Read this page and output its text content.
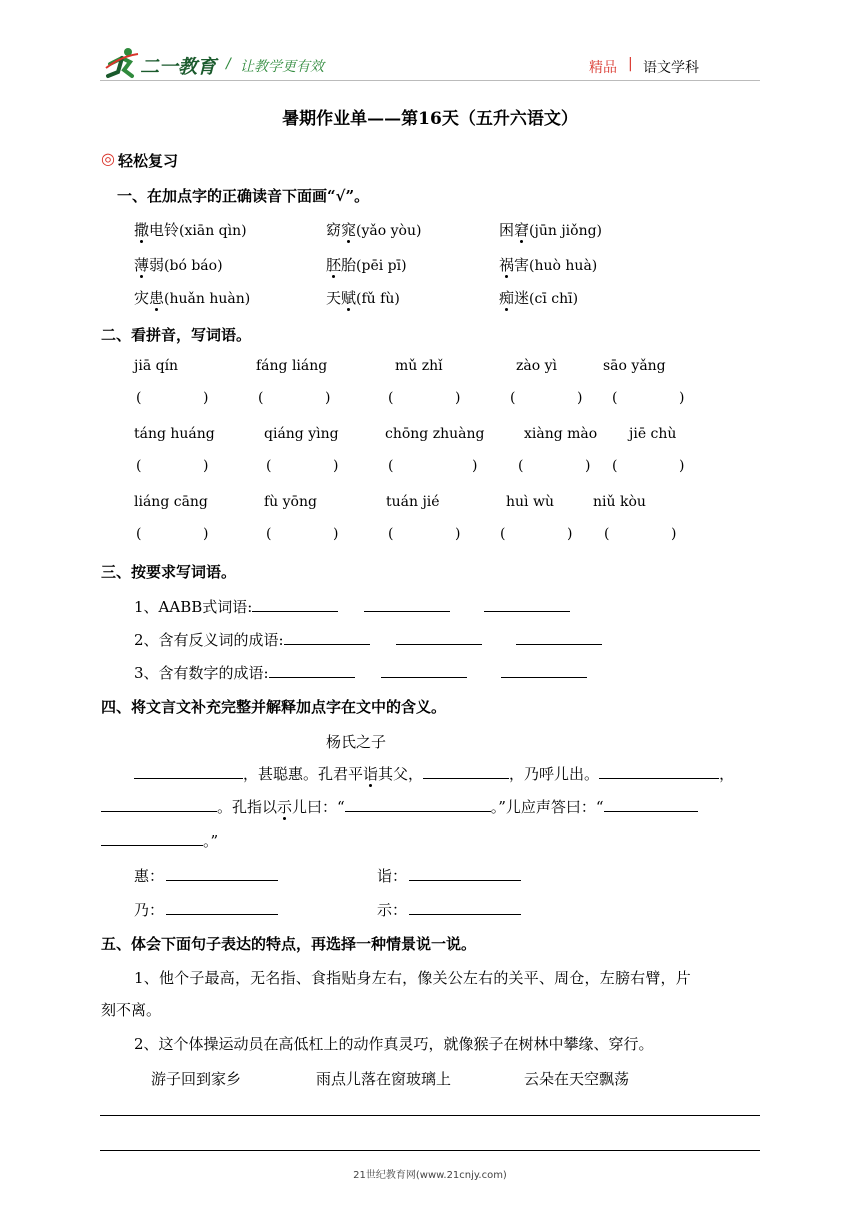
二一教育 / 让教学更有效	精品 | 语文学科
暑期作业单——第16天（五升六语文）
◎ 轻松复习
一、在加点字的正确读音下面画“√”。
撒电铃(xiān qìn)	窈窕(yǎo yòu)	困窘(jūn jiǒng)
薄弱(bó báo)	胚胎(pēi pī)	祸害(huò huà)
灾患(huǎn huàn)	天赋(fǔ fù)	痴迷(cī chī)
二、看拼音，写词语。
jiā qín	fáng liáng	mǔ zhǐ	zào yì	sāo yǎng
(	)	(	)	(	)	(	) (	)
táng huáng	qiáng yìng	chōng zhuàng	xiàng mào jiē chù
(	)	(	)	(	)	(	) (	)
liáng cāng	fù yōng	tuán jié	huì wù	niǔ kòu
(	)	(	)	(	)	(	) (	)
三、按要求写词语。
1、AABB式词语:
2、含有反义词的成语:
3、含有数字的成语:
四、将文言文补充完整并解释加点字在文中的含义。
杨氏之子
，甚聪惠。孔君平诣其父，	，乃呼儿出。	，
。孔指以示儿曰：“	。”儿应声答曰：“
。”
惠：	诣：
乃：	示：
五、体会下面句子表达的特点，再选择一种情景说一说。
1、他个子最高，无名指、食指贴身左右，像关公左右的关平、周仓，左膀右臂，片
刻不离。
2、这个体操运动员在高低杠上的动作真灵巧，就像猴子在树林中攀缘、穿行。
游子回到家乡	雨点儿落在窗玻璃上	云朵在天空飘荡
21世纪教育网(www.21cnjy.com)
